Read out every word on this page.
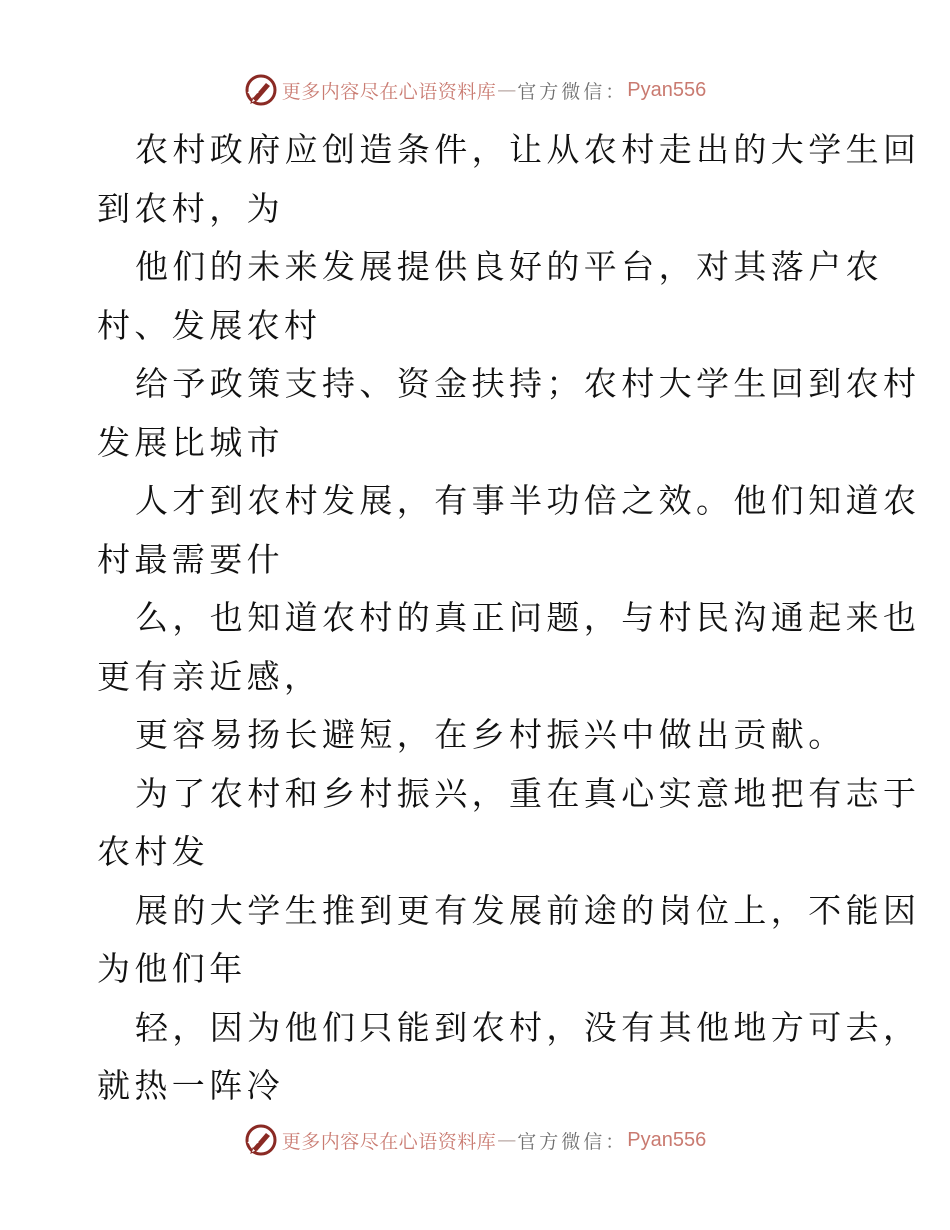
更多内容尽在心语资料库 — 官方微信： Pyan556
农村政府应创造条件，让从农村走出的大学生回
到农村，为
他们的未来发展提供良好的平台，对其落户农
村、发展农村
给予政策支持、资金扶持；农村大学生回到农村
发展比城市
人才到农村发展，有事半功倍之效。他们知道农
村最需要什
么，也知道农村的真正问题，与村民沟通起来也
更有亲近感，
更容易扬长避短，在乡村振兴中做出贡献。
为了农村和乡村振兴，重在真心实意地把有志于
农村发
展的大学生推到更有发展前途的岗位上，不能因
为他们年
轻，因为他们只能到农村，没有其他地方可去，
就热一阵冷
更多内容尽在心语资料库 — 官方微信： Pyan556
